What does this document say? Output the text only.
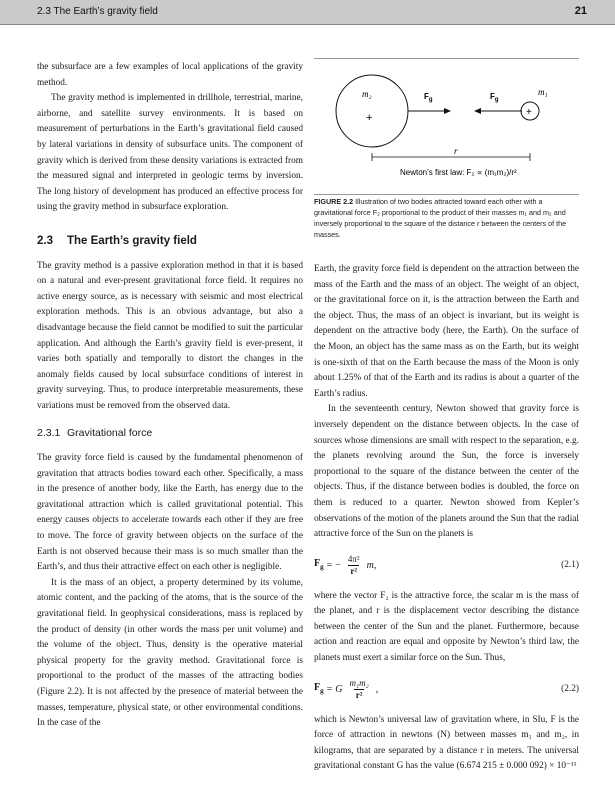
2.3 The Earth’s gravity field	21

the subsurface are a few examples of local applications of the gravity method.

The gravity method is implemented in drillhole, terrestrial, marine, airborne, and satellite survey environments. It is based on measurement of perturbations in the Earth’s gravitational field caused by lateral variations in density of subsurface units. The component of gravity which is derived from these density variations is extracted from the measured signal and interpreted in geologic terms by inversion. The long history of development has produced an effective process for using the gravity method in subsurface exploration.

2.3 The Earth’s gravity field

The gravity method is a passive exploration method in that it is based on a natural and ever-present gravitational force field. It requires no active energy source, as is necessary with seismic and most electrical exploration methods. This is an obvious advantage, but also a disadvantage because the field cannot be modified to suit the particular application. And although the Earth’s gravity field is ever-present, it varies both spatially and temporally to distort the changes in the anomaly fields caused by local subsurface conditions of interest in gravity surveying. Thus, to produce interpretable measurements, these variations must be removed from the observed data.

2.3.1 Gravitational force

The gravity force field is caused by the fundamental phenomenon of gravitation that attracts bodies toward each other. Specifically, a mass in the presence of another body, like the Earth, has energy due to the gravitational attraction which is called gravitational potential. This energy causes objects to accelerate towards each other if they are free to move. The force of gravity between objects on the surface of the Earth is not observed because their mass is so much smaller than the Earth’s, and thus their attractive effect on each other is negligible.

It is the mass of an object, a property determined by its volume, atomic content, and the packing of the atoms, that is the source of the gravitational field. In geophysical considerations, mass is replaced by the product of density (in other words the mass per unit volume) and the volume of the object. Thus, density is the operative material physical property for the gravity method. Gravitational force is proportional to the product of the masses of the attracting bodies (Figure 2.2). It is not affected by the presence of material between the masses, temperature, physical state, or other environmental conditions. In the case of the

m₂
+
$F_g$	$F_g$
+
m₁
r
Newton’s first law: F₂ ∝ (m₁m₂)/r²
FIGURE 2.2 Illustration of two bodies attracted toward each other with a gravitational force F₂ proportional to the product of their masses m₁ and m₂ and inversely proportional to the square of the distance r between the centers of the masses.

Earth, the gravity force field is dependent on the attraction between the mass of the Earth and the mass of an object. The weight of an object, or the gravitational force on it, is the attraction between the Earth and the object. Thus, the mass of an object is invariant, but its weight is dependent on the attractive body (here, the Earth). On the surface of the Moon, an object has the same mass as on the Earth, but its weight is one-sixth of that on the Earth because the mass of the Moon is only about 1.25% of that of the Earth and its radius is about a quarter of the Earth’s radius.

In the seventeenth century, Newton showed that gravity force is inversely dependent on the distance between objects. In the case of sources whose dimensions are small with respect to the separation, e.g. the planets revolving around the Sun, the force is inversely proportional to the square of the distance between the center of the objects. Thus, if the distance between bodies is doubled, the force on them is reduced to a quarter. Newton showed from Kepler’s observations of the motion of the planets around the Sun that the radial attractive force of the Sun on the planets is

$F_g$ = − $\frac{\text{4π²}}{\text{r²}} m$,	(2.1)

where the vector F₂ is the attractive force, the scalar m is the mass of the planet, and r is the displacement vector describing the distance between the center of the Sun and the planet. Furthermore, because action and reaction are equal and opposite by Newton’s third law, the planets must exert a similar force on the Sun. Thus,

$F_g = G \frac{\text{m₁m₂}}{\text{r²}}$ ,	(2.2)

which is Newton’s universal law of gravitation where, in SIu, F is the force of attraction in newtons (N) between masses m₁ and m₂, in kilograms, that are separated by a distance r in meters. The universal gravitational constant G has the value (6.674 215 ± 0.000 092) × 10⁻¹¹
